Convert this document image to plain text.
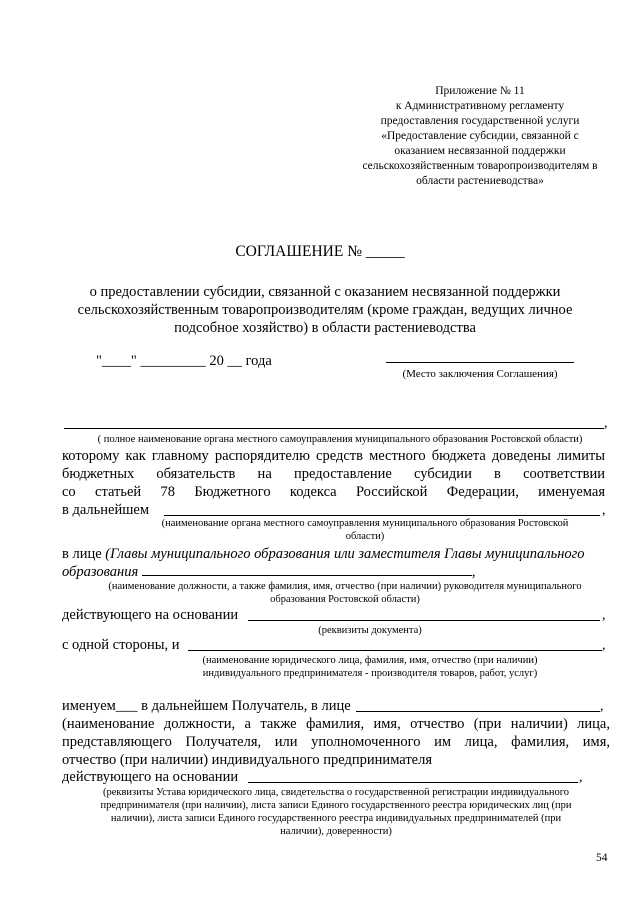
Приложение № 11
к Административному регламенту
предоставления государственной услуги
«Предоставление субсидии, связанной с
оказанием несвязанной поддержки
сельскохозяйственным товаропроизводителям в
области растениеводства»
СОГЛАШЕНИЕ № _____
о предоставлении субсидии, связанной с оказанием несвязанной поддержки
сельскохозяйственным товаропроизводителям (кроме граждан, ведущих личное
подсобное хозяйство) в области растениеводства
"____" _________ 20 __ года
(Место заключения Соглашения)
,
( полное наименование органа местного самоуправления муниципального образования Ростовской области)
которому как главному распорядителю средств местного бюджета доведены лимиты
бюджетных обязательств на предоставление субсидии в соответствии
со статьей 78 Бюджетного кодекса Российской Федерации, именуемая
в дальнейшем	,
(наименование органа местного самоуправления муниципального образования Ростовской
области)
в лице (Главы муниципального образования или заместителя Главы муниципального
образования	,
(наименование должности, а также фамилия, имя, отчество (при наличии) руководителя муниципального
образования Ростовской области)
действующего на основании	,
(реквизиты документа)
с одной стороны, и	,
(наименование юридического лица, фамилия, имя, отчество (при наличии)
индивидуального предпринимателя - производителя товаров, работ, услуг)
именуем___ в дальнейшем Получатель, в лице	,
(наименование должности, а также фамилия, имя, отчество (при наличии) лица,
представляющего Получателя, или уполномоченного им лица, фамилия, имя,
отчество (при наличии) индивидуального предпринимателя
действующего на основании	,
(реквизиты Устава юридического лица, свидетельства о государственной регистрации индивидуального
предпринимателя (при наличии), листа записи Единого государственного реестра юридических лиц (при
наличии), листа записи Единого государственного реестра индивидуальных предпринимателей (при
наличии), доверенности)
54
